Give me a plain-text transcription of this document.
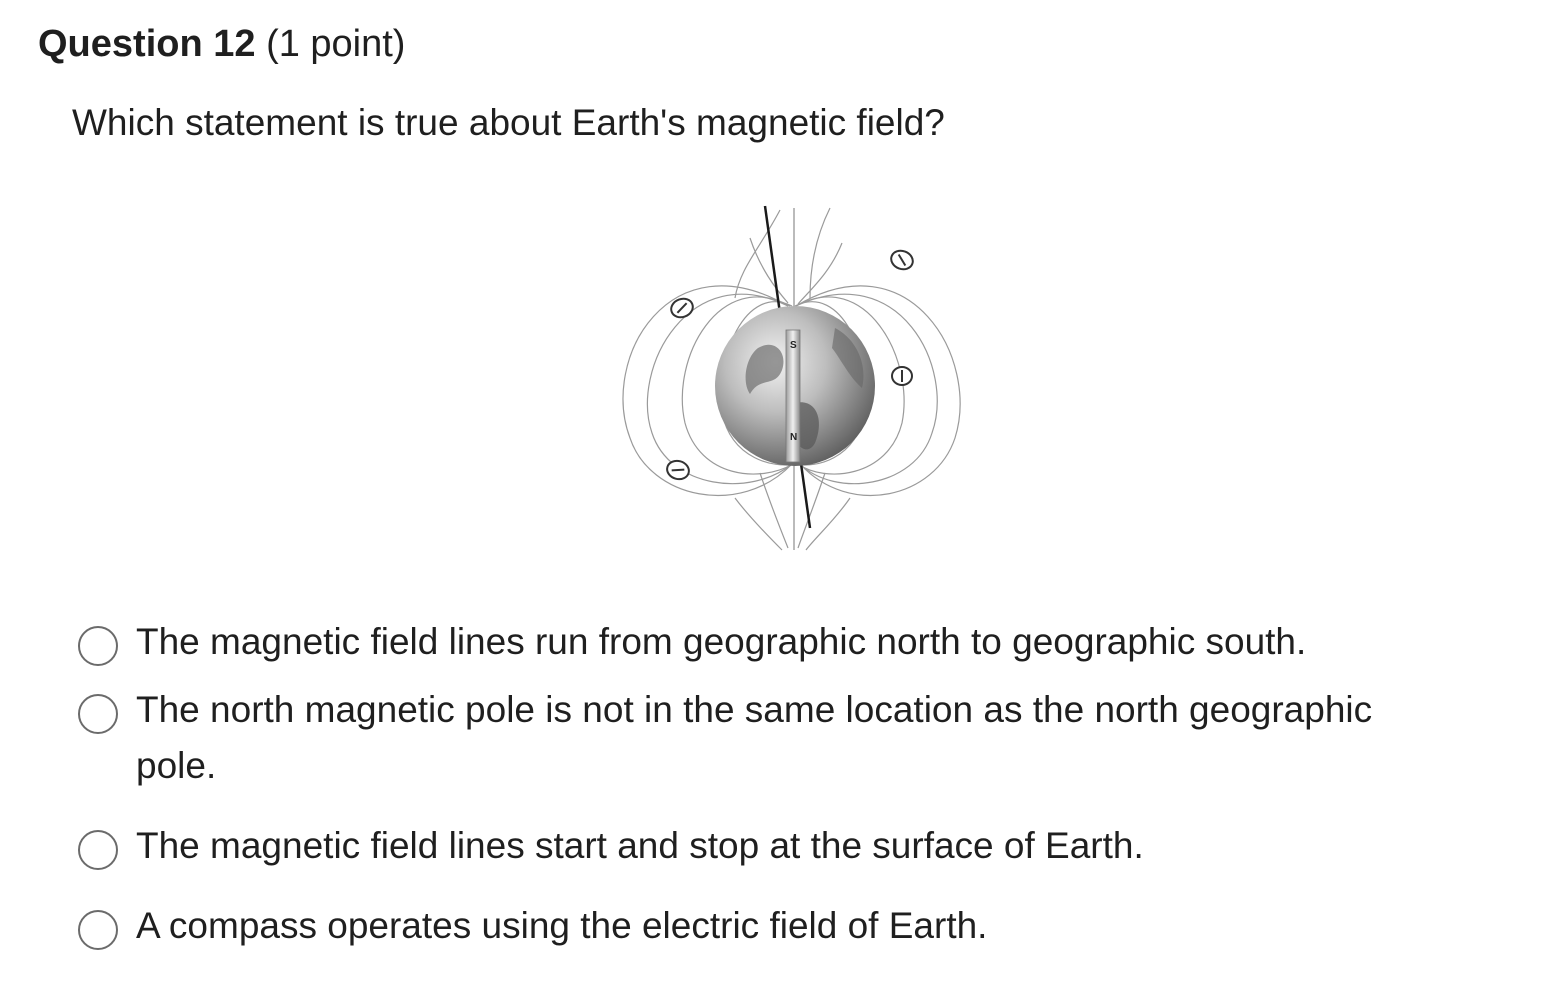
Question 12 (1 point)
Which statement is true about Earth's magnetic field?
S
N
The magnetic field lines run from geographic north to geographic south.
The north magnetic pole is not in the same location as the north geographic pole.
The magnetic field lines start and stop at the surface of Earth.
A compass operates using the electric field of Earth.
